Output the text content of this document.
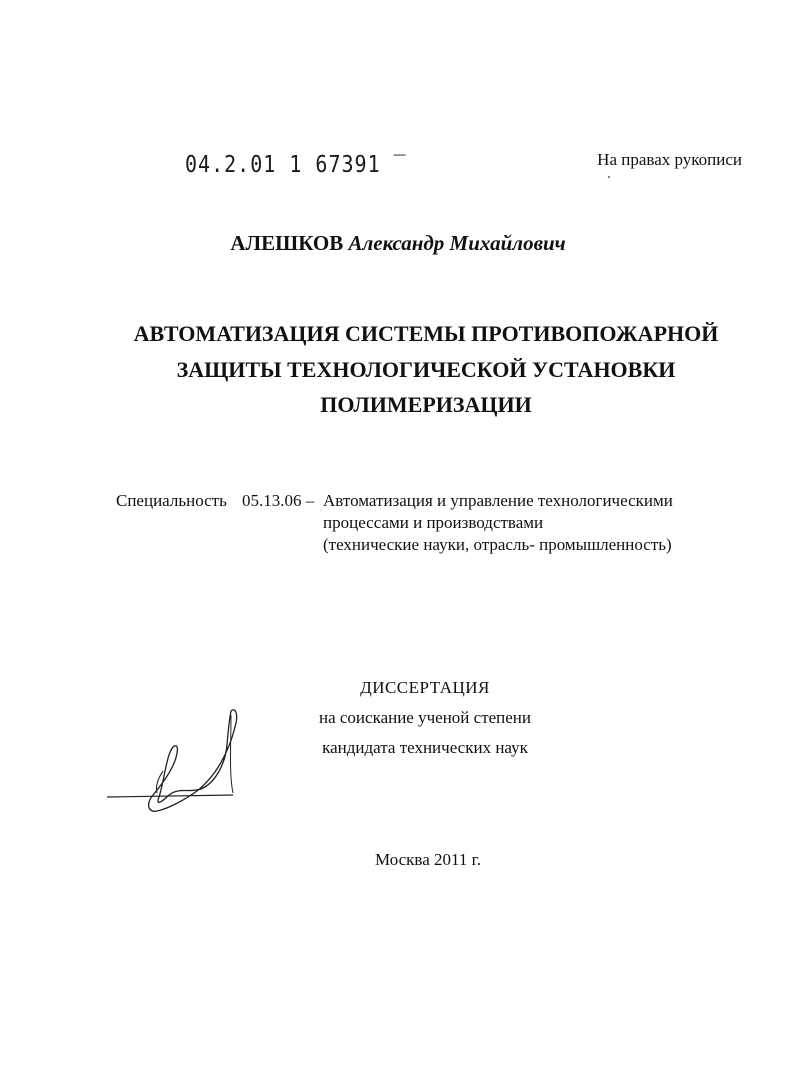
04.2.01 1 67391 ‾	На правах рукописи
АЛЕШКОВ Александр Михайлович
АВТОМАТИЗАЦИЯ СИСТЕМЫ ПРОТИВОПОЖАРНОЙ
ЗАЩИТЫ ТЕХНОЛОГИЧЕСКОЙ УСТАНОВКИ
ПОЛИМЕРИЗАЦИИ
Специальность 05.13.06 – Автоматизация и управление технологическими
процессами и производствами
(технические науки, отрасль- промышленность)
ДИССЕРТАЦИЯ
на соискание ученой степени
кандидата технических наук
Москва 2011 г.
